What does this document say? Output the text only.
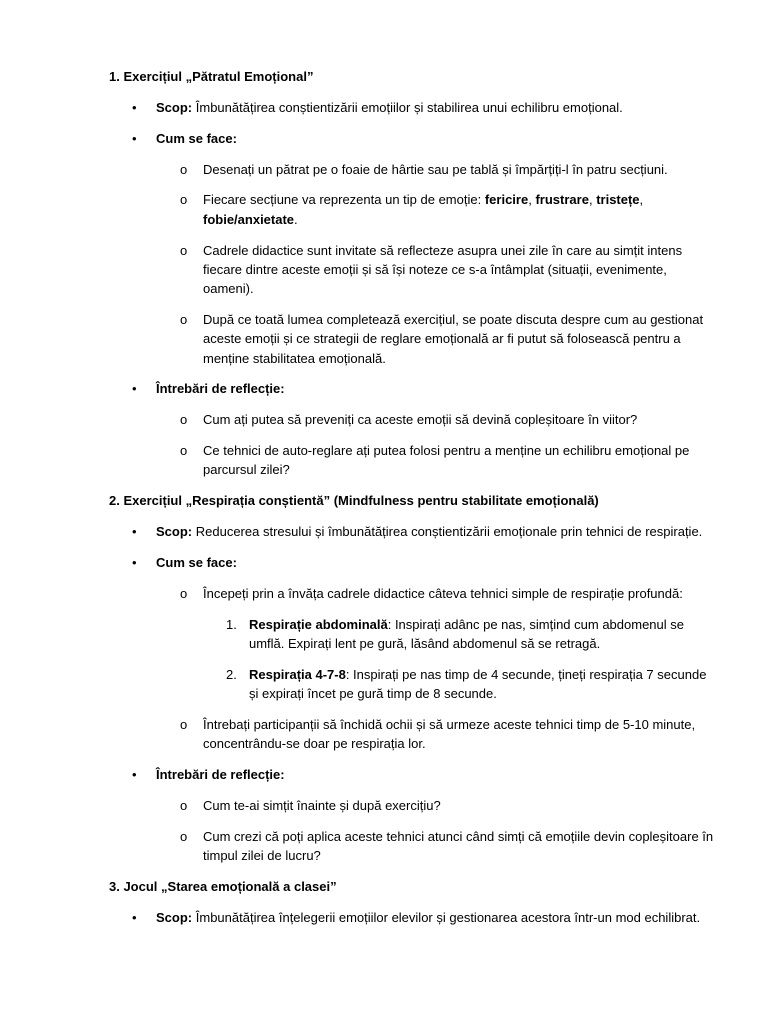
1. Exercițiul „Pătratul Emoțional”
• Scop: Îmbunătățirea conștientizării emoțiilor și stabilirea unui echilibru emoțional.
• Cum se face:
o Desenați un pătrat pe o foaie de hârtie sau pe tablă și împărțiți-l în patru secțiuni.
o Fiecare secțiune va reprezenta un tip de emoție: fericire, frustrare, tristețe,
fobie/anxietate.
o Cadrele didactice sunt invitate să reflecteze asupra unei zile în care au simțit intens
fiecare dintre aceste emoții și să își noteze ce s-a întâmplat (situații, evenimente,
oameni).
o După ce toată lumea completează exercițiul, se poate discuta despre cum au gestionat
aceste emoții și ce strategii de reglare emoțională ar fi putut să folosească pentru a
menține stabilitatea emoțională.
• Întrebări de reflecție:
o Cum ați putea să preveniți ca aceste emoții să devină copleșitoare în viitor?
o Ce tehnici de auto-reglare ați putea folosi pentru a menține un echilibru emoțional pe
parcursul zilei?
2. Exercițiul „Respirația conștientă” (Mindfulness pentru stabilitate emoțională)
• Scop: Reducerea stresului și îmbunătățirea conștientizării emoționale prin tehnici de respirație.
• Cum se face:
o Începeți prin a învăța cadrele didactice câteva tehnici simple de respirație profundă:
1. Respirație abdominală: Inspirați adânc pe nas, simțind cum abdomenul se
umflă. Expirați lent pe gură, lăsând abdomenul să se retragă.
2. Respirația 4-7-8: Inspirați pe nas timp de 4 secunde, țineți respirația 7 secunde
și expirați încet pe gură timp de 8 secunde.
o Întrebați participanții să închidă ochii și să urmeze aceste tehnici timp de 5-10 minute,
concentrându-se doar pe respirația lor.
• Întrebări de reflecție:
o Cum te-ai simțit înainte și după exercițiu?
o Cum crezi că poți aplica aceste tehnici atunci când simți că emoțiile devin copleșitoare în
timpul zilei de lucru?
3. Jocul „Starea emoțională a clasei”
• Scop: Îmbunătățirea înțelegerii emoțiilor elevilor și gestionarea acestora într-un mod echilibrat.
